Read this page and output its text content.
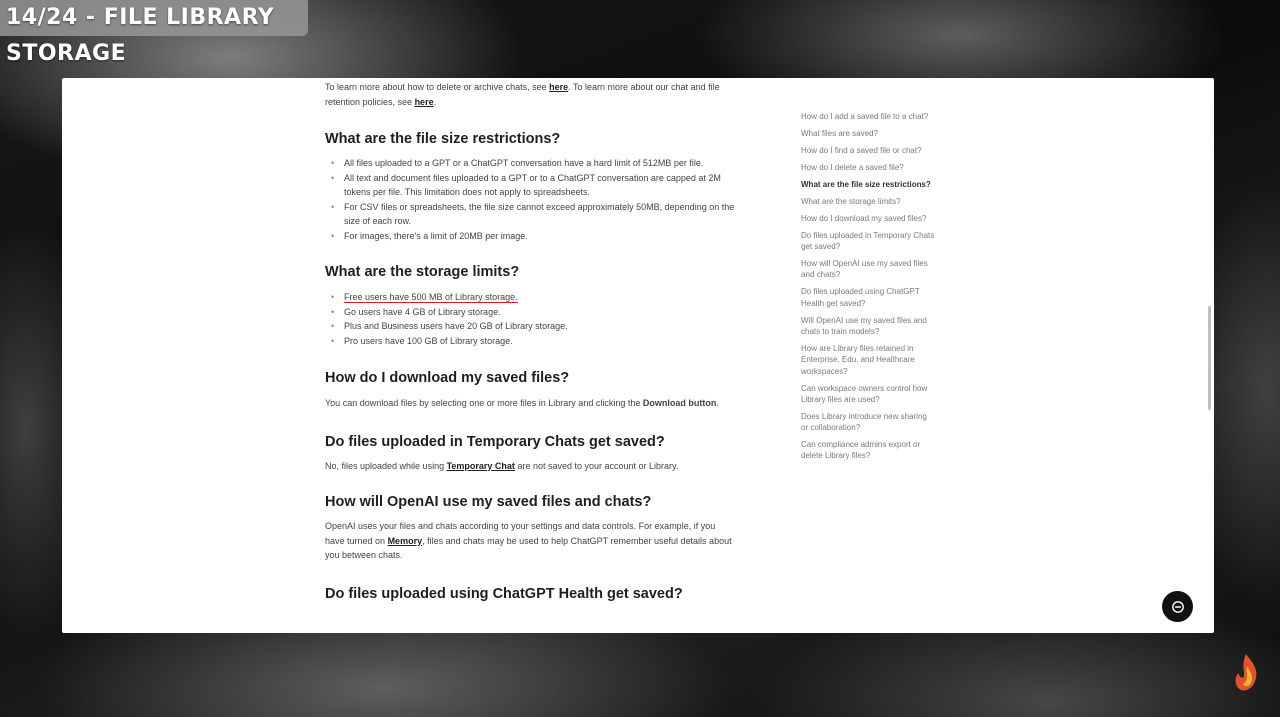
14/24 - FILE LIBRARY STORAGE

To learn more about how to delete or archive chats, see here. To learn more about our chat and file retention policies, see here.

What are the file size restrictions?
• All files uploaded to a GPT or a ChatGPT conversation have a hard limit of 512MB per file.
• All text and document files uploaded to a GPT or to a ChatGPT conversation are capped at 2M tokens per file. This limitation does not apply to spreadsheets.
• For CSV files or spreadsheets, the file size cannot exceed approximately 50MB, depending on the size of each row.
• For images, there's a limit of 20MB per image.
What are the storage limits?
• Free users have 500 MB of Library storage.
• Go users have 4 GB of Library storage.
• Plus and Business users have 20 GB of Library storage.
• Pro users have 100 GB of Library storage.
How do I download my saved files?

You can download files by selecting one or more files in Library and clicking the Download button.

Do files uploaded in Temporary Chats get saved?

No, files uploaded while using Temporary Chat are not saved to your account or Library.

How will OpenAI use my saved files and chats?

OpenAI uses your files and chats according to your settings and data controls. For example, if you have turned on Memory, files and chats may be used to help ChatGPT remember useful details about you between chats.

Do files uploaded using ChatGPT Health get saved?
How do I add a saved file to a chat?
What files are saved?
How do I find a saved file or chat?
How do I delete a saved file?
What are the file size restrictions?
What are the storage limits?
How do I download my saved files?
Do files uploaded in Temporary Chats get saved?
How will OpenAI use my saved files and chats?
Do files uploaded using ChatGPT Health get saved?
Will OpenAI use my saved files and chats to train models?
How are Library files retained in Enterprise, Edu, and Healthcare workspaces?
Can workspace owners control how Library files are used?
Does Library introduce new sharing or collaboration?
Can compliance admins export or delete Library files?
